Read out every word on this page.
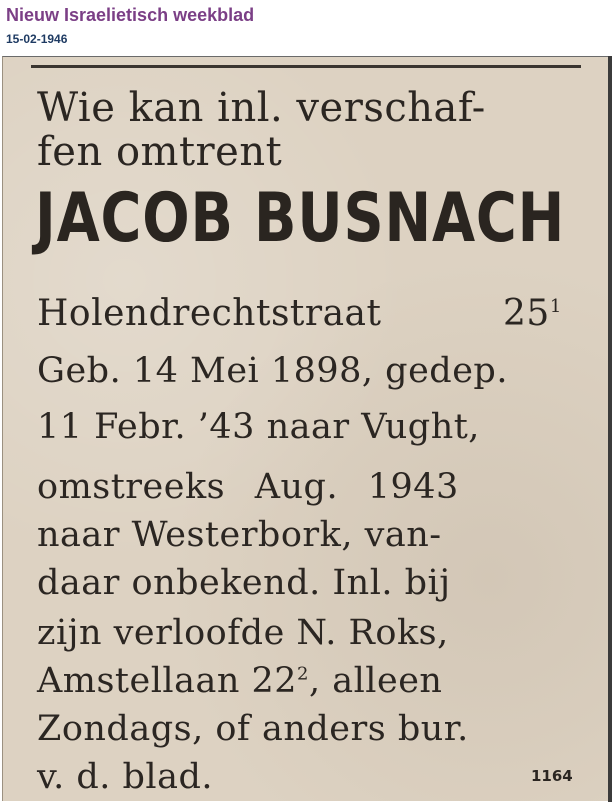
Nieuw Israelietisch weekblad
15-02-1946
Wie kan inl. verschaf-
fen omtrent
JACOB BUSNACH
Holendrechtstraat	$25^1$
Geb. 14 Mei 1898, gedep.
11 Febr. ’43 naar Vught,
omstreeks Aug. 1943
naar Westerbork, van-
daar onbekend. Inl. bij
zijn verloofde N. Roks,
Amstellaan $22^2$, alleen
Zondags, of anders bur.
v. d. blad.	1164
